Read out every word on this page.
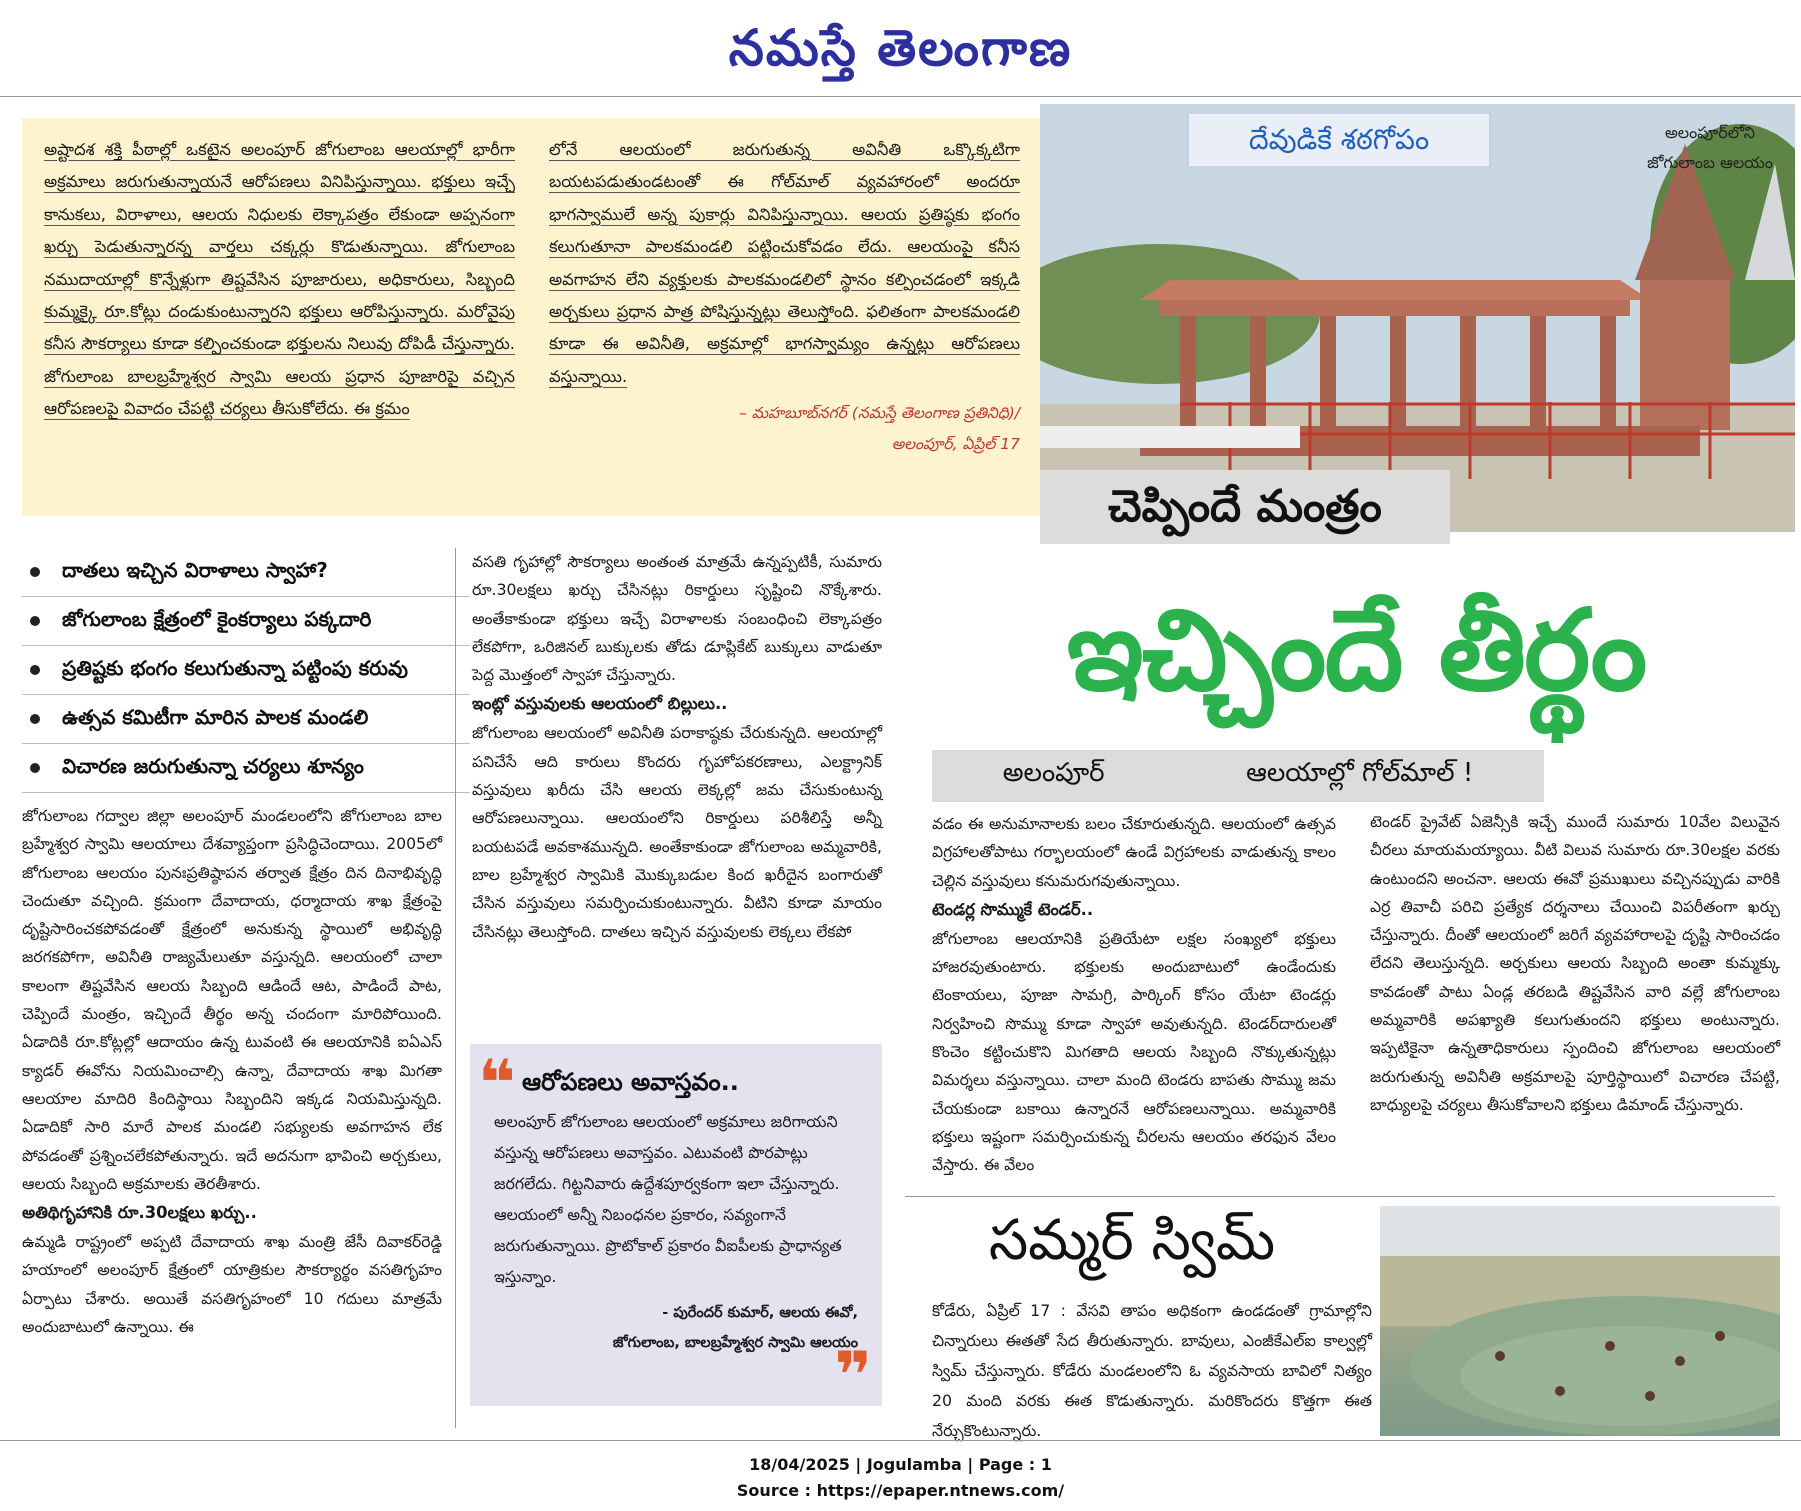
నమస్తే తెలంగాణ

అష్టాదశ శక్తి పీఠాల్లో ఒకటైన అలంపూర్ జోగులాంబ ఆలయాల్లో భారీగా అక్రమాలు జరుగుతున్నాయనే ఆరోపణలు వినిపిస్తున్నాయి. భక్తులు ఇచ్చే కానుకలు, విరాళాలు, ఆలయ నిధులకు లెక్కాపత్రం లేకుండా అప్పనంగా ఖర్చు పెడుతున్నారన్న వార్తలు చక్కర్లు కొడుతున్నాయి. జోగులాంబ నముదాయాల్లో కొన్నేళ్లుగా తిష్టవేసిన పూజారులు, అధికారులు, సిబ్బంది కుమ్మక్కై రూ.కోట్లు దండుకుంటున్నారని భక్తులు ఆరోపిస్తున్నారు. మరోవైపు కనీస సౌకర్యాలు కూడా కల్పించకుండా భక్తులను నిలువు దోపిడీ చేస్తున్నారు. జోగులాంబ బాలబ్రహ్మేశ్వర స్వామి ఆలయ ప్రధాన పూజారిపై వచ్చిన ఆరోపణలపై వివాదం చేపట్టి చర్యలు తీసుకోలేదు. ఈ క్రమం

లోనే ఆలయంలో జరుగుతున్న అవినీతి ఒక్కొక్కటిగా బయటపడుతుండటంతో ఈ గోల్‌మాల్ వ్యవహారంలో అందరూ భాగస్వాములే అన్న పుకార్లు వినిపిస్తున్నాయి. ఆలయ ప్రతిష్ఠకు భంగం కలుగుతూనా పాలకమండలి పట్టించుకోవడం లేదు. ఆలయంపై కనీస అవగాహన లేని వ్యక్తులకు పాలకమండలిలో స్థానం కల్పించడంలో ఇక్కడి అర్చకులు ప్రధాన పాత్ర పోషిస్తున్నట్లు తెలుస్తోంది. ఫలితంగా పాలకమండలి కూడా ఈ అవినీతి, అక్రమాల్లో భాగస్వామ్యం ఉన్నట్లు ఆరోపణలు వస్తున్నాయి.

– మహబూబ్‌నగర్ (నమస్తే తెలంగాణ ప్రతినిధి)/
అలంపూర్, ఏప్రిల్ 17
దేవుడికే శఠగోపం	అలంపూర్‌లోని జోగులాంబ ఆలయం
చెప్పిందే మంత్రం
ఇచ్చిందే తీర్థం
అలంపూర్	ఆలయాల్లో గోల్‌మాల్ !
దాతలు ఇచ్చిన విరాళాలు స్వాహా?
జోగులాంబ క్షేత్రంలో కైంకర్యాలు పక్కదారి
ప్రతిష్టకు భంగం కలుగుతున్నా పట్టింపు కరువు
ఉత్సవ కమిటీగా మారిన పాలక మండలి
విచారణ జరుగుతున్నా చర్యలు శూన్యం

జోగులాంబ గద్వాల జిల్లా అలంపూర్ మండలంలోని జోగులాంబ బాల బ్రహ్మేశ్వర స్వామి ఆలయాలు దేశవ్యాప్తంగా ప్రసిద్ధిచెందాయి. 2005లో జోగులాంబ ఆలయం పునఃప్రతిష్ఠాపన తర్వాత క్షేత్రం దిన దినాభివృద్ధి చెందుతూ వచ్చింది. క్రమంగా దేవాదాయ, ధర్మాదాయ శాఖ క్షేత్రంపై దృష్టిసారించకపోవడంతో క్షేత్రంలో అనుకున్న స్థాయిలో అభివృద్ధి జరగకపోగా, అవినీతి రాజ్యమేలుతూ వస్తున్నది. ఆలయంలో చాలా కాలంగా తిష్టవేసిన ఆలయ సిబ్బంది ఆడిందే ఆట, పాడిందే పాట, చెప్పిందే మంత్రం, ఇచ్చిందే తీర్థం అన్న చందంగా మారిపోయింది. ఏడాదికి రూ.కోట్లల్లో ఆదాయం ఉన్న టువంటి ఈ ఆలయానికి ఐఏఎస్ క్యాడర్ ఈవోను నియమించాల్సి ఉన్నా, దేవాదాయ శాఖ మిగతా ఆలయాల మాదిరి కిందిస్థాయి సిబ్బందిని ఇక్కడ నియమిస్తున్నది. ఏడాదికో సారి మారే పాలక మండలి సభ్యులకు అవగాహన లేక పోవడంతో ప్రశ్నించలేకపోతున్నారు. ఇదే అదనుగా భావించి అర్చకులు, ఆలయ సిబ్బంది అక్రమాలకు తెరతీశారు.

అతిథిగృహానికి రూ.30లక్షలు ఖర్చు..

ఉమ్మడి రాష్ట్రంలో అప్పటి దేవాదాయ శాఖ మంత్రి జేసీ దివాకర్‌రెడ్డి హయాంలో అలంపూర్ క్షేత్రంలో యాత్రికుల సౌకర్యార్థం వసతిగృహం ఏర్పాటు చేశారు. అయితే వసతిగృహంలో 10 గదులు మాత్రమే అందుబాటులో ఉన్నాయి. ఈ

వసతి గృహాల్లో సౌకర్యాలు అంతంత మాత్రమే ఉన్నప్పటికీ, సుమారు రూ.30లక్షలు ఖర్చు చేసినట్లు రికార్డులు సృష్టించి నొక్కేశారు. అంతేకాకుండా భక్తులు ఇచ్చే విరాళాలకు సంబంధించి లెక్కాపత్రం లేకపోగా, ఒరిజినల్ బుక్కులకు తోడు డూప్లికేట్ బుక్కులు వాడుతూ పెద్ద మొత్తంలో స్వాహా చేస్తున్నారు.

ఇంట్లో వస్తువులకు ఆలయంలో బిల్లులు..

జోగులాంబ ఆలయంలో అవినీతి పరాకాష్ఠకు చేరుకున్నది. ఆలయాల్లో పనిచేసే ఆది కారులు కొందరు గృహోపకరణాలు, ఎలక్ట్రానిక్ వస్తువులు ఖరీదు చేసి ఆలయ లెక్కల్లో జమ చేసుకుంటున్న ఆరోపణలున్నాయి. ఆలయంలోని రికార్డులు పరిశీలిస్తే అన్నీ బయటపడే అవకాశమున్నది. అంతేకాకుండా జోగులాంబ అమ్మవారికి, బాల బ్రహ్మేశ్వర స్వామికి మొక్కుబడుల కింద ఖరీదైన బంగారుతో చేసిన వస్తువులు సమర్పించుకుంటున్నారు. వీటిని కూడా మాయం చేసినట్లు తెలుస్తోంది. దాతలు ఇచ్చిన వస్తువులకు లెక్కలు లేకపో

❝ ఆరోపణలు అవాస్తవం..
అలంపూర్ జోగులాంబ ఆలయంలో అక్రమాలు జరిగాయని వస్తున్న ఆరోపణలు అవాస్తవం. ఎటువంటి పొరపాట్లు జరగలేదు. గిట్టనివారు ఉద్దేశపూర్వకంగా ఇలా చేస్తున్నారు. ఆలయంలో అన్నీ నిబంధనల ప్రకారం, సవ్యంగానే జరుగుతున్నాయి. ప్రొటోకాల్ ప్రకారం వీఐపీలకు ప్రాధాన్యత ఇస్తున్నాం.
- పురేందర్ కుమార్, ఆలయ ఈవో,
జోగులాంబ, బాలబ్రహ్మేశ్వర స్వామి ఆలయం
❞

వడం ఈ అనుమానాలకు బలం చేకూరుతున్నది. ఆలయంలో ఉత్సవ విగ్రహాలతోపాటు గర్భాలయంలో ఉండే విగ్రహాలకు వాడుతున్న కాలం చెల్లిన వస్తువులు కనుమరుగవుతున్నాయి.

టెండర్ల సొమ్ముకే టెండర్..

జోగులాంబ ఆలయానికి ప్రతియేటా లక్షల సంఖ్యలో భక్తులు హాజరవుతుంటారు. భక్తులకు అందుబాటులో ఉండేందుకు టెంకాయలు, పూజా సామగ్రి, పార్కింగ్ కోసం యేటా టెండర్లు నిర్వహించి సొమ్ము కూడా స్వాహా అవుతున్నది. టెండర్‌దారులతో కొంచెం కట్టించుకొని మిగతాది ఆలయ సిబ్బంది నొక్కుతున్నట్లు విమర్శలు వస్తున్నాయి. చాలా మంది టెండరు బాపతు సొమ్ము జమ చేయకుండా బకాయి ఉన్నారనే ఆరోపణలున్నాయి. అమ్మవారికి భక్తులు ఇష్టంగా సమర్పించుకున్న చీరలను ఆలయం తరఫున వేలం వేస్తారు. ఈ వేలం

టెండర్ ప్రైవేట్ ఏజెన్సీకి ఇచ్చే ముందే సుమారు 10వేల విలువైన చీరలు మాయమయ్యాయి. వీటి విలువ సుమారు రూ.30లక్షల వరకు ఉంటుందని అంచనా. ఆలయ ఈవో ప్రముఖులు వచ్చినప్పుడు వారికి ఎర్ర తివాచీ పరిచి ప్రత్యేక దర్శనాలు చేయించి విపరీతంగా ఖర్చు చేస్తున్నారు. దీంతో ఆలయంలో జరిగే వ్యవహారాలపై దృష్టి సారించడం లేదని తెలుస్తున్నది. అర్చకులు ఆలయ సిబ్బంది అంతా కుమ్మక్కు కావడంతో పాటు ఏండ్ల తరబడి తిష్టవేసిన వారి వల్లే జోగులాంబ అమ్మవారికి అపఖ్యాతి కలుగుతుందని భక్తులు అంటున్నారు. ఇప్పటికైనా ఉన్నతాధికారులు స్పందించి జోగులాంబ ఆలయంలో జరుగుతున్న అవినీతి అక్రమాలపై పూర్తిస్థాయిలో విచారణ చేపట్టి, బాధ్యులపై చర్యలు తీసుకోవాలని భక్తులు డిమాండ్ చేస్తున్నారు.

సమ్మర్ స్విమ్
కోడేరు, ఏప్రిల్ 17 : వేసవి తాపం అధికంగా ఉండడంతో గ్రామాల్లోని చిన్నారులు ఈతతో సేద తీరుతున్నారు. బావులు, ఎంజీకేఎల్ఐ కాల్వల్లో స్విమ్ చేస్తున్నారు. కోడేరు మండలంలోని ఓ వ్యవసాయ బావిలో నిత్యం 20 మంది వరకు ఈత కొడుతున్నారు. మరికొందరు కొత్తగా ఈత నేర్చుకొంటున్నారు.
18/04/2025 | Jogulamba | Page : 1
Source : https://epaper.ntnews.com/
